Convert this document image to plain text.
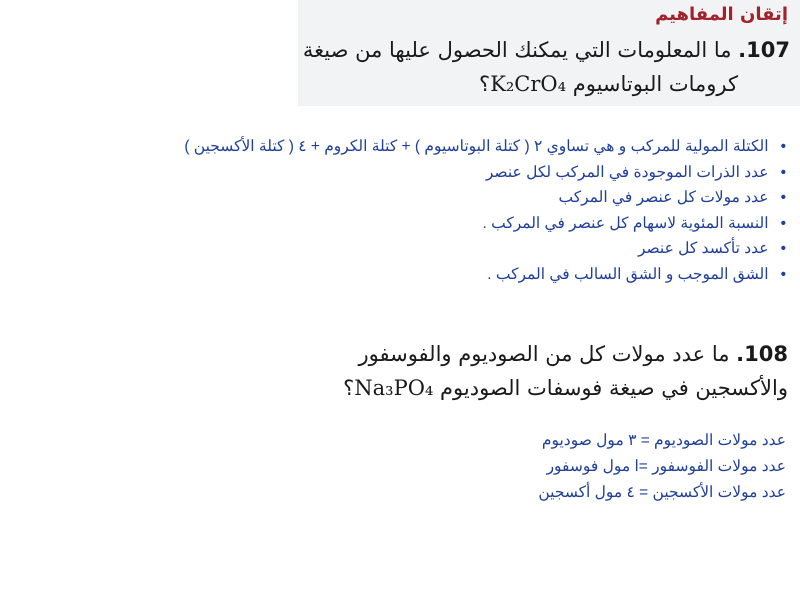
إتقان المفاهيم
107. ما المعلومات التي يمكنك الحصول عليها من صيغة
كرومات البوتاسيوم K₂CrO₄؟
•الكتلة المولية للمركب و هي تساوي ٢ ( كتلة البوتاسيوم ) + كتلة الكروم + ٤ ( كتلة الأكسجين )
•عدد الذرات الموجودة في المركب لكل عنصر
•عدد مولات كل عنصر في المركب
•النسبة المئوية لاسهام كل عنصر في المركب .
•عدد تأكسد كل عنصر
•الشق الموجب و الشق السالب في المركب .
108. ما عدد مولات كل من الصوديوم والفوسفور
والأكسجين في صيغة فوسفات الصوديوم Na₃PO₄؟
عدد مولات الصوديوم = ٣ مول صوديوم
عدد مولات الفوسفور =ا مول فوسفور
عدد مولات الأكسجين = ٤ مول أكسجين
